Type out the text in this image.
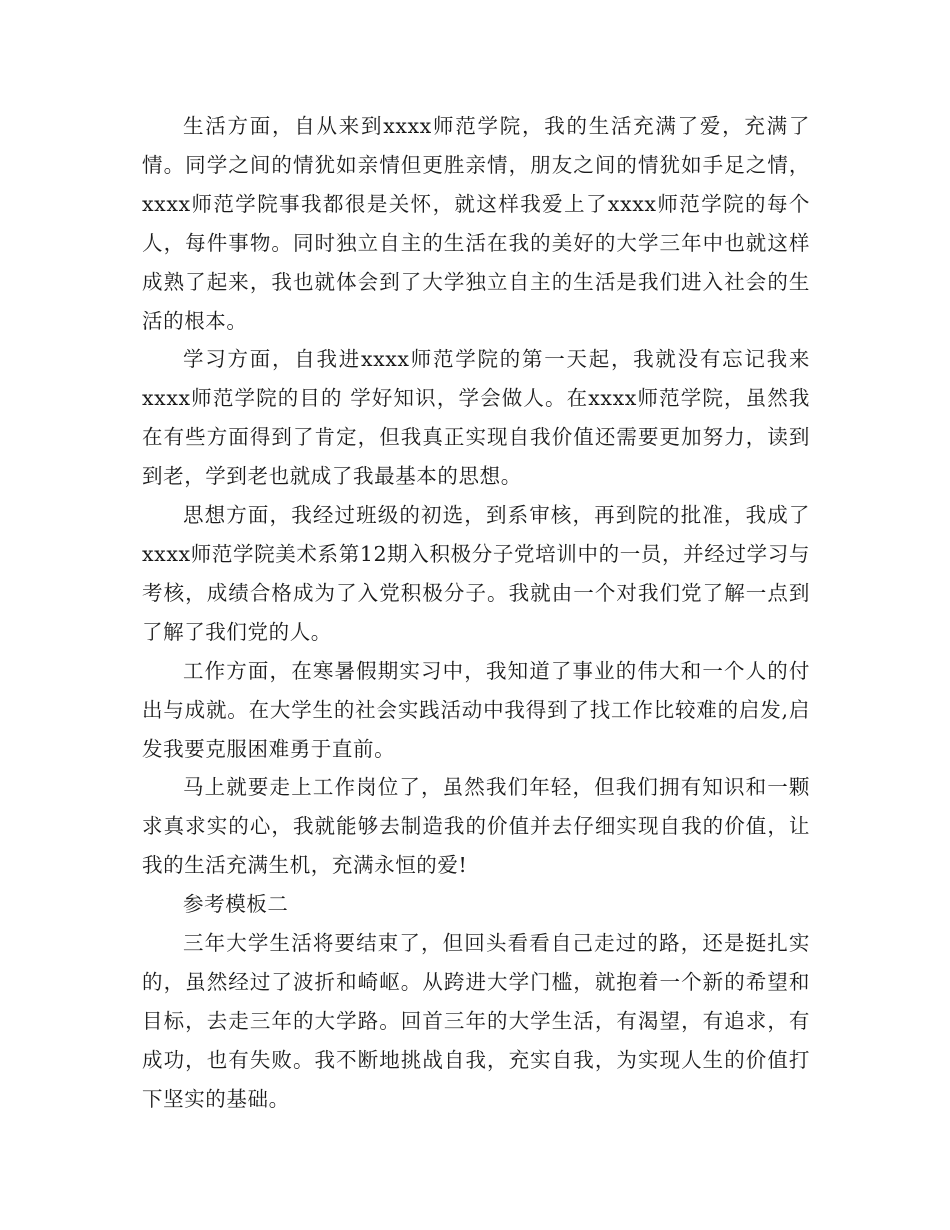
生活方面，自从来到xxxx师范学院，我的生活充满了爱，充满了情。同学之间的情犹如亲情但更胜亲情，朋友之间的情犹如手足之情，xxxx师范学院事我都很是关怀，就这样我爱上了xxxx师范学院的每个人，每件事物。同时独立自主的生活在我的美好的大学三年中也就这样成熟了起来，我也就体会到了大学独立自主的生活是我们进入社会的生活的根本。

学习方面，自我进xxxx师范学院的第一天起，我就没有忘记我来xxxx师范学院的目的 学好知识，学会做人。在xxxx师范学院，虽然我在有些方面得到了肯定，但我真正实现自我价值还需要更加努力，读到到老，学到老也就成了我最基本的思想。

思想方面，我经过班级的初选，到系审核，再到院的批准，我成了xxxx师范学院美术系第12期入积极分子党培训中的一员，并经过学习与考核，成绩合格成为了入党积极分子。我就由一个对我们党了解一点到了解了我们党的人。

工作方面，在寒暑假期实习中，我知道了事业的伟大和一个人的付出与成就。在大学生的社会实践活动中我得到了找工作比较难的启发,启发我要克服困难勇于直前。

马上就要走上工作岗位了，虽然我们年轻，但我们拥有知识和一颗求真求实的心，我就能够去制造我的价值并去仔细实现自我的价值，让我的生活充满生机，充满永恒的爱!

参考模板二

三年大学生活将要结束了，但回头看看自己走过的路，还是挺扎实的，虽然经过了波折和崎岖。从跨进大学门槛，就抱着一个新的希望和目标，去走三年的大学路。回首三年的大学生活，有渴望，有追求，有成功，也有失败。我不断地挑战自我，充实自我，为实现人生的价值打下坚实的基础。
